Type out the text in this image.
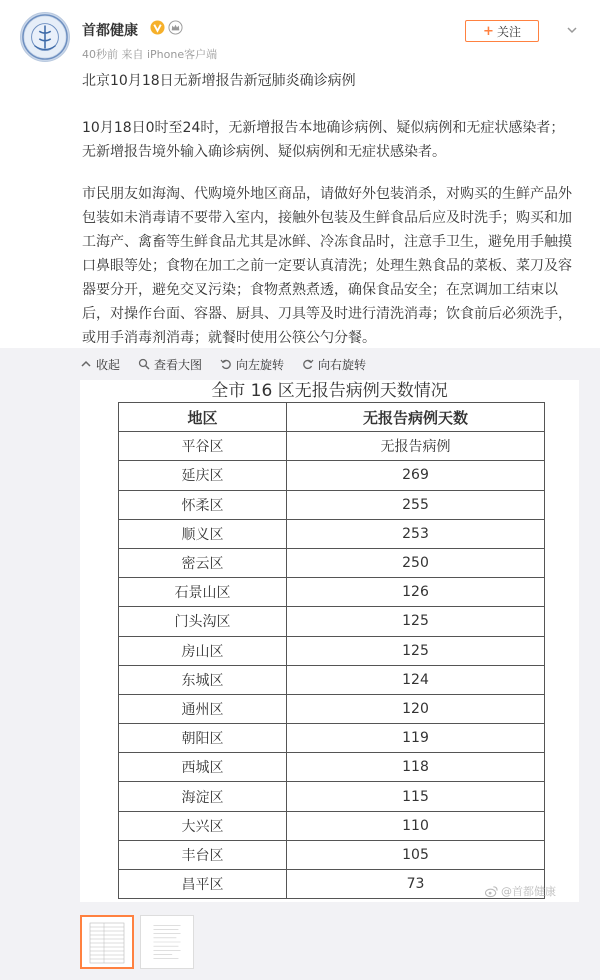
首都健康
40秒前 来自 iPhone客户端
+ 关注
北京10月18日无新增报告新冠肺炎确诊病例
10月18日0时至24时，无新增报告本地确诊病例、疑似病例和无症状感染者；无新增报告境外输入确诊病例、疑似病例和无症状感染者。
市民朋友如海淘、代购境外地区商品，请做好外包装消杀，对购买的生鲜产品外包装如未消毒请不要带入室内，接触外包装及生鲜食品后应及时洗手；购买和加工海产、禽畜等生鲜食品尤其是冰鲜、冷冻食品时，注意手卫生，避免用手触摸口鼻眼等处；食物在加工之前一定要认真清洗；处理生熟食品的菜板、菜刀及容器要分开，避免交叉污染；食物煮熟煮透，确保食品安全；在烹调加工结束以后，对操作台面、容器、厨具、刀具等及时进行清洗消毒；饮食前后必须洗手，或用手消毒剂消毒；就餐时使用公筷公勺分餐。
收起	查看大图	向左旋转	向右旋转
全市 16 区无报告病例天数情况
地区	无报告病例天数
平谷区	无报告病例
延庆区	269
怀柔区	255
顺义区	253
密云区	250
石景山区	126
门头沟区	125
房山区	125
东城区	124
通州区	120
朝阳区	119
西城区	118
海淀区	115
大兴区	110
丰台区	105
昌平区	73	@首都健康
